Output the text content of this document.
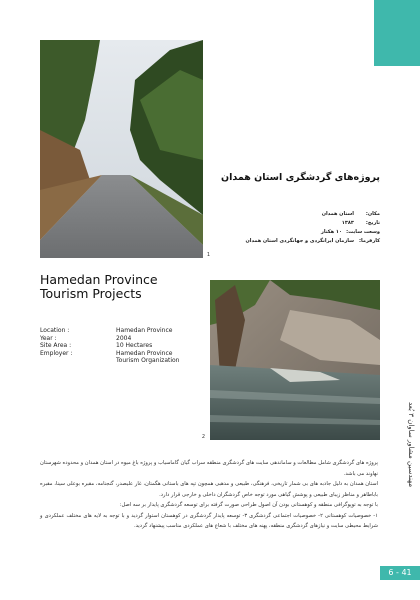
1
پروژه‌های گردشگری استان همدان
مکان:
استان همدان
تاریخ:
۱۳۸۳
وسعت سایت:
۱۰ هکتار
کارفرما:
سازمان ایرانگردی و جهانگردی استان همدان
Hamedan Province
Tourism Projects
Location :	Hamedan Province
Year :	2004
Site Area :	10 Hectares
Employer :	Hamedan Province
Tourism Organization
2

پروژه های گردشگری شامل مطالعات و ساماندهی سایت های گردشگری منطقه سراب گیان گاماسیاب و پروژه باغ میوه در استان همدان و محدوده شهرستان نهاوند می باشد.

استان همدان به دلیل جاذبه های بی شمار تاریخی، فرهنگی، طبیعی و مذهبی همچون تپه های باستانی هگمتان، غار علیصدر، گنجنامه، مقبره بوعلی سینا، مقبره باباطاهر و مناظر زیبای طبیعی و پوشش گیاهی مورد توجه خاص گردشگران داخلی و خارجی قرار دارد.

با توجه به توپوگرافی منطقه و کوهستانی بودن آن اصول طراحی صورت گرفته برای توسعه گردشگری پایدار بر سه اصل:

۱- خصوصیات کوهستانی ۲- خصوصیات اجتماعی گردشگری ۳- توسعه پایدار گردشگری در کوهستان استوار گردید و با توجه به لایه های مختلف عملکردی و شرایط محیطی سایت و نیازهای گردشگری منطقه، پهنه های مختلف با شعاع های عملکردی مناسب پیشنهاد گردید.

مهندسین مشاور ساوان ۳ بُعد
6 - 41
